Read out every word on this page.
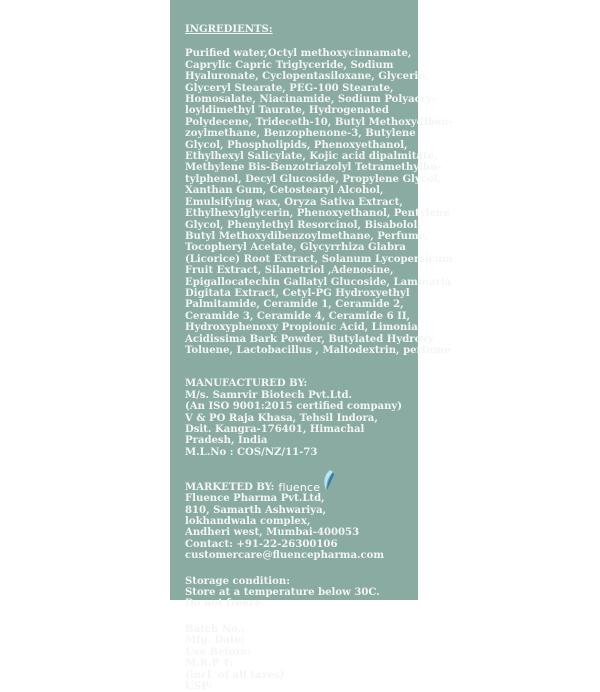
INGREDIENTS:
Purified water,Octyl methoxycinnamate,
Caprylic Capric Triglyceride, Sodium
Hyaluronate, Cyclopentasiloxane, Glycerin,
Glyceryl Stearate, PEG-100 Stearate,
Homosalate, Niacinamide, Sodium Polyacry-
loyldimethyl Taurate, Hydrogenated
Polydecene, Trideceth-10, Butyl Methoxydiben-
zoylmethane, Benzophenone-3, Butylene
Glycol, Phospholipids, Phenoxyethanol,
Ethylhexyl Salicylate, Kojic acid dipalmitate,
Methylene Bis-Benzotriazolyl Tetramethylbu-
tylphenol, Decyl Glucoside, Propylene Glycol,
Xanthan Gum, Cetostearyl Alcohol,
Emulsifying wax, Oryza Sativa Extract,
Ethylhexylglycerin, Phenoxyethanol, Pentylene
Glycol, Phenylethyl Resorcinol, Bisabolol,
Butyl Methoxydibenzoylmethane, Perfume,
Tocopheryl Acetate, Glycyrrhiza Glabra
(Licorice) Root Extract, Solanum Lycopersicum
Fruit Extract, Silanetriol ,Adenosine,
Epigallocatechin Gallatyl Glucoside, Laminaria
Digitata Extract, Cetyl-PG Hydroxyethyl
Palmitamide, Ceramide 1, Ceramide 2,
Ceramide 3, Ceramide 4, Ceramide 6 II,
Hydroxyphenoxy Propionic Acid, Limonia
Acidissima Bark Powder, Butylated Hydroxy
Toluene, Lactobacillus , Maltodextrin, perfume
MANUFACTURED BY:
M/s. Samrvir Biotech Pvt.Ltd.
(An ISO 9001:2015 certified company)
V & PO Raja Khasa, Tehsil Indora,
Dsit. Kangra-176401, Himachal
Pradesh, India
M.L.No : COS/NZ/11-73
MARKETED BY: fluence
Fluence Pharma Pvt.Ltd,
810, Samarth Ashwariya,
lokhandwala complex,
Andheri west, Mumbai-400053
Contact: +91-22-26300106
customercare@fluencepharma.com
Storage condition:
Store at a temperature below 30C.
Do not freeze.
Batch No.:
Mfg. Date:
Use Before:
M.R.P ₹:
(incl. of all taxes)
USP:
